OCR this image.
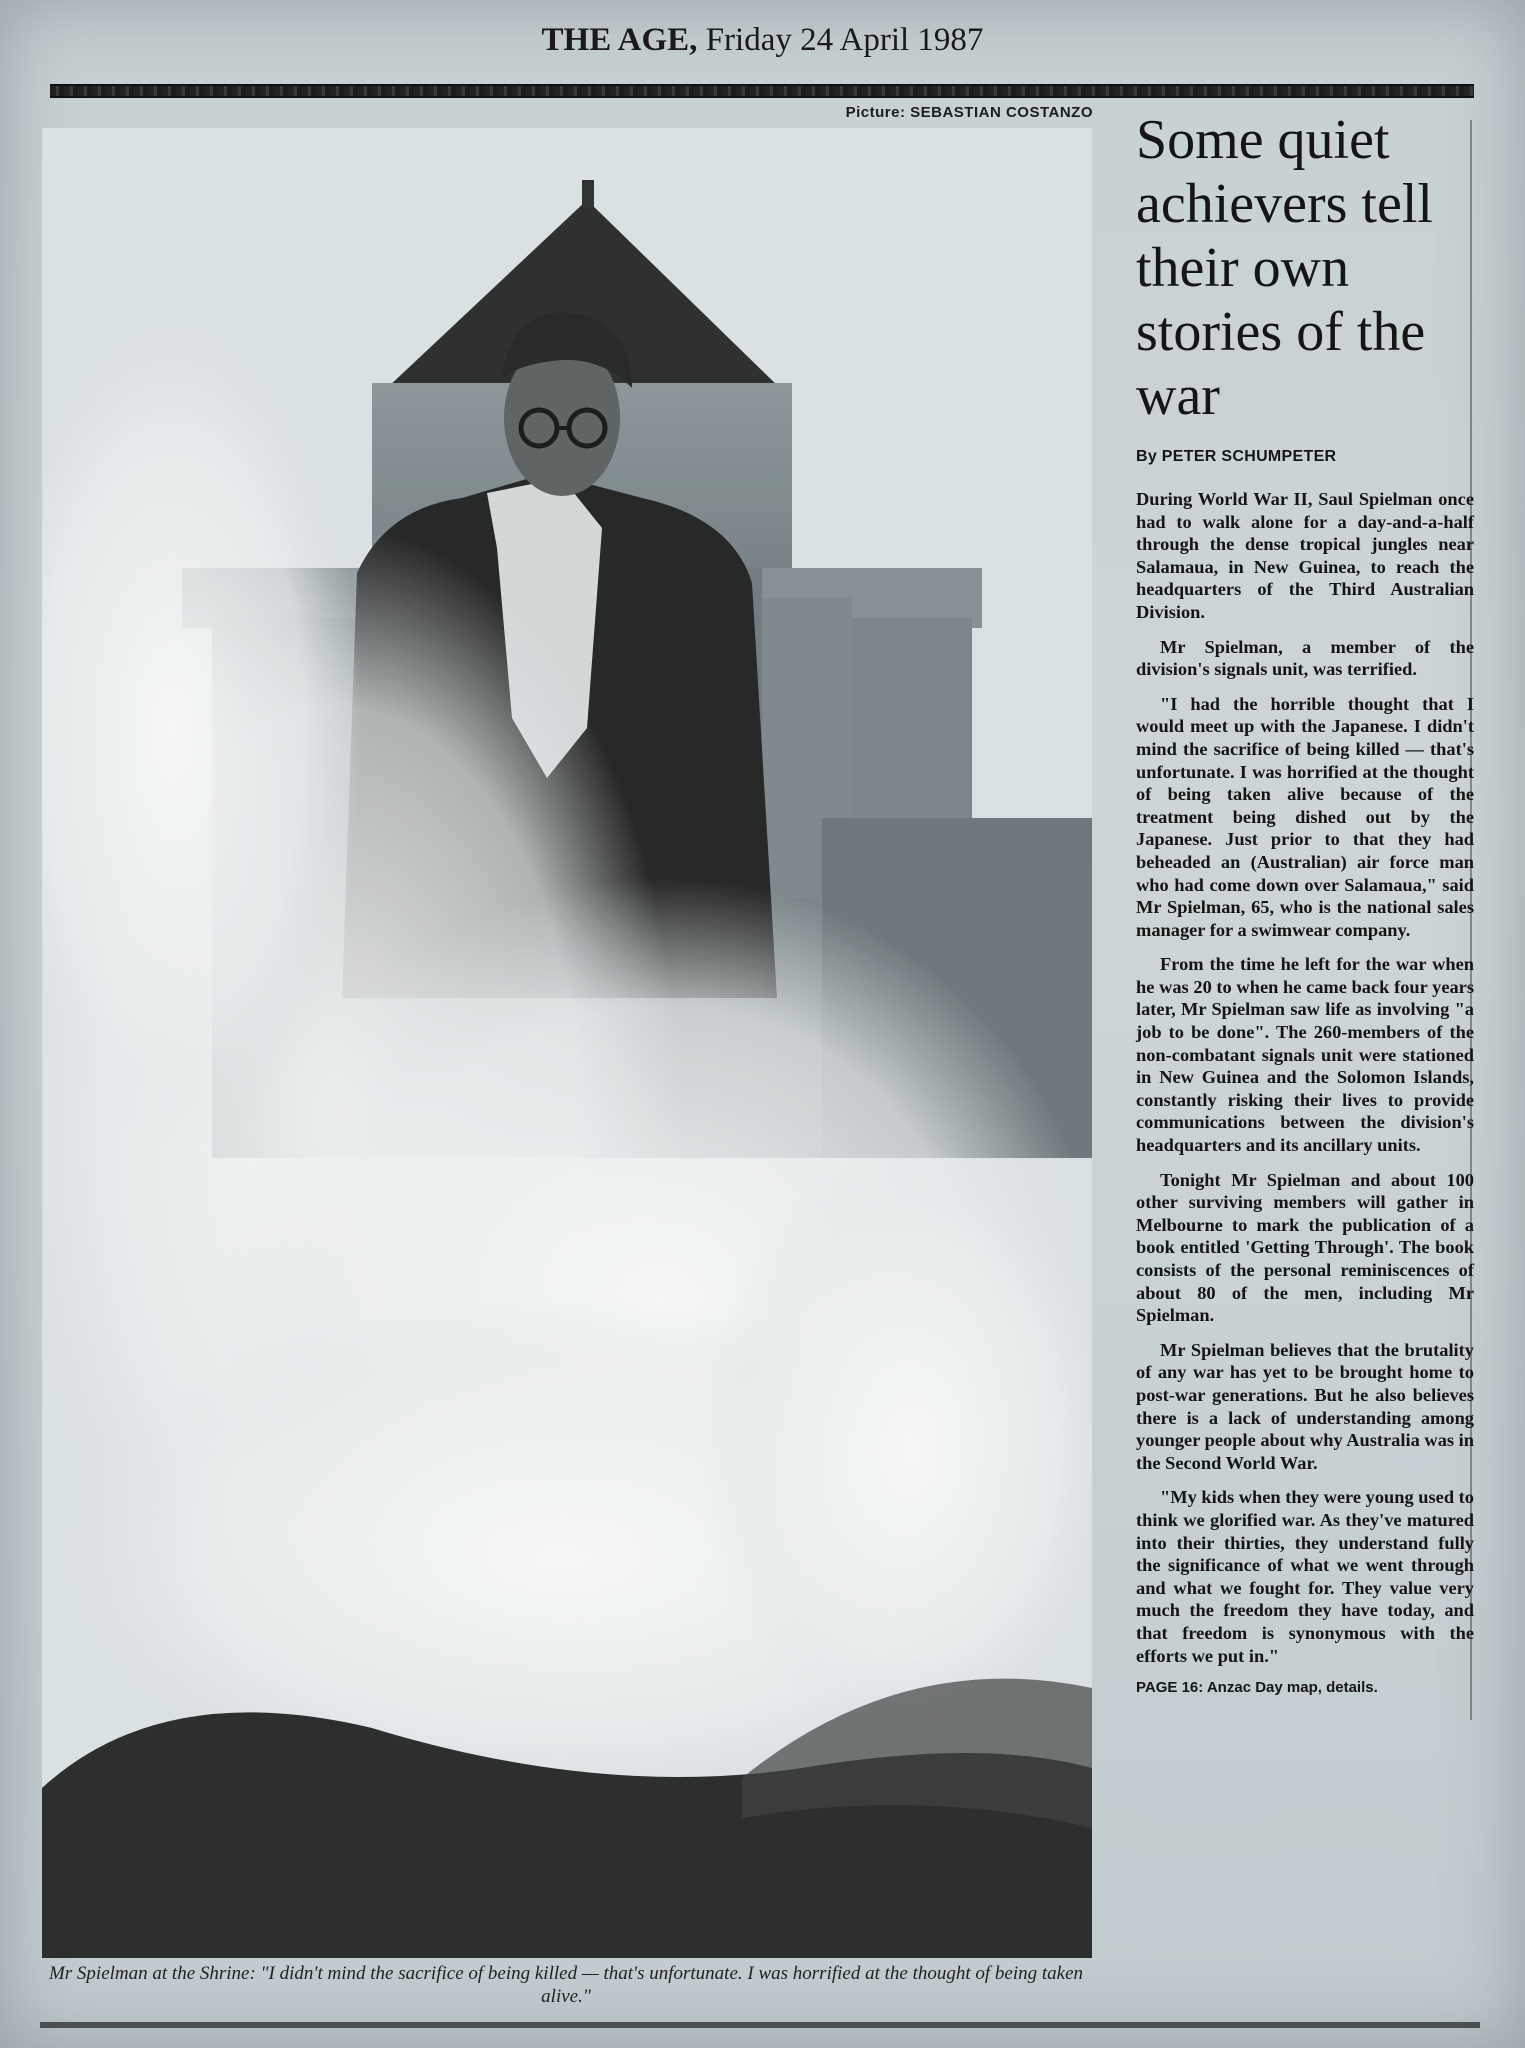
THE AGE, Friday 24 April 1987
Picture: SEBASTIAN COSTANZO
Mr Spielman at the Shrine: "I didn't mind the sacrifice of being killed — that's unfortunate. I was horrified at the thought of being taken alive."
Some quiet achievers tell their own stories of the war
By PETER SCHUMPETER

During World War II, Saul Spielman once had to walk alone for a day-and-a-half through the dense tropical jungles near Salamaua, in New Guinea, to reach the headquarters of the Third Australian Division.

Mr Spielman, a member of the division's signals unit, was terrified.

"I had the horrible thought that I would meet up with the Japanese. I didn't mind the sacrifice of being killed — that's unfortunate. I was horrified at the thought of being taken alive because of the treatment being dished out by the Japanese. Just prior to that they had beheaded an (Australian) air force man who had come down over Salamaua," said Mr Spielman, 65, who is the national sales manager for a swimwear company.

From the time he left for the war when he was 20 to when he came back four years later, Mr Spielman saw life as involving "a job to be done". The 260-members of the non-combatant signals unit were stationed in New Guinea and the Solomon Islands, constantly risking their lives to provide communications between the division's headquarters and its ancillary units.

Tonight Mr Spielman and about 100 other surviving members will gather in Melbourne to mark the publication of a book entitled 'Getting Through'. The book consists of the personal reminiscences of about 80 of the men, including Mr Spielman.

Mr Spielman believes that the brutality of any war has yet to be brought home to post-war generations. But he also believes there is a lack of understanding among younger people about why Australia was in the Second World War.

"My kids when they were young used to think we glorified war. As they've matured into their thirties, they understand fully the significance of what we went through and what we fought for. They value very much the freedom they have today, and that freedom is synonymous with the efforts we put in."

PAGE 16: Anzac Day map, details.
